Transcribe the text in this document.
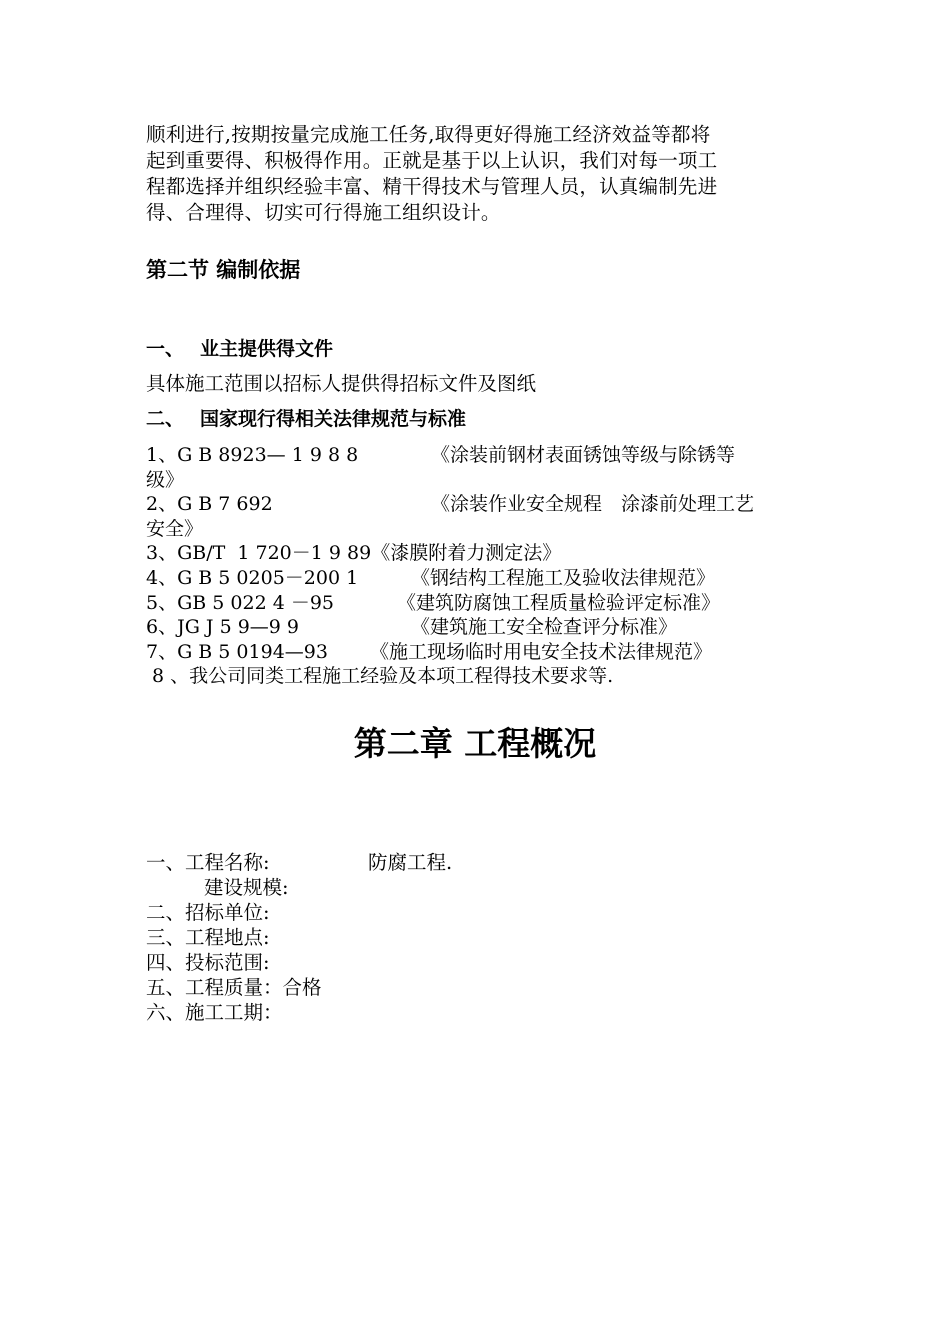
顺利进行,按期按量完成施工任务,取得更好得施工经济效益等都将

起到重要得、积极得作用。正就是基于以上认识，我们对每一项工

程都选择并组织经验丰富、精干得技术与管理人员，认真编制先进

得、合理得、切实可行得施工组织设计。

第二节 编制依据
一、 业主提供得文件

具体施工范围以招标人提供得招标文件及图纸

二、 国家现行得相关法律规范与标准
1、G B 8923— 1 9 8 8	《涂装前钢材表面锈蚀等级与除锈等
级》
2、G B 7 692	《涂装作业安全规程　涂漆前处理工艺
安全》
3、GB/T  1 720－1 9 89《漆膜附着力测定法》
4、G B 5 0205－200 1	《钢结构工程施工及验收法律规范》
5、GB 5 022 4 －95	《建筑防腐蚀工程质量检验评定标准》
6、JG J 5 9—9 9	《建筑施工安全检查评分标准》
7、G B 5 0194—93 《施工现场临时用电安全技术法律规范》
8 、我公司同类工程施工经验及本项工程得技术要求等.
第二章 工程概况
一、工程名称:	防腐工程.
建设规模:
二、招标单位:
三、工程地点:
四、投标范围:
五、工程质量：合格
六、施工工期：
